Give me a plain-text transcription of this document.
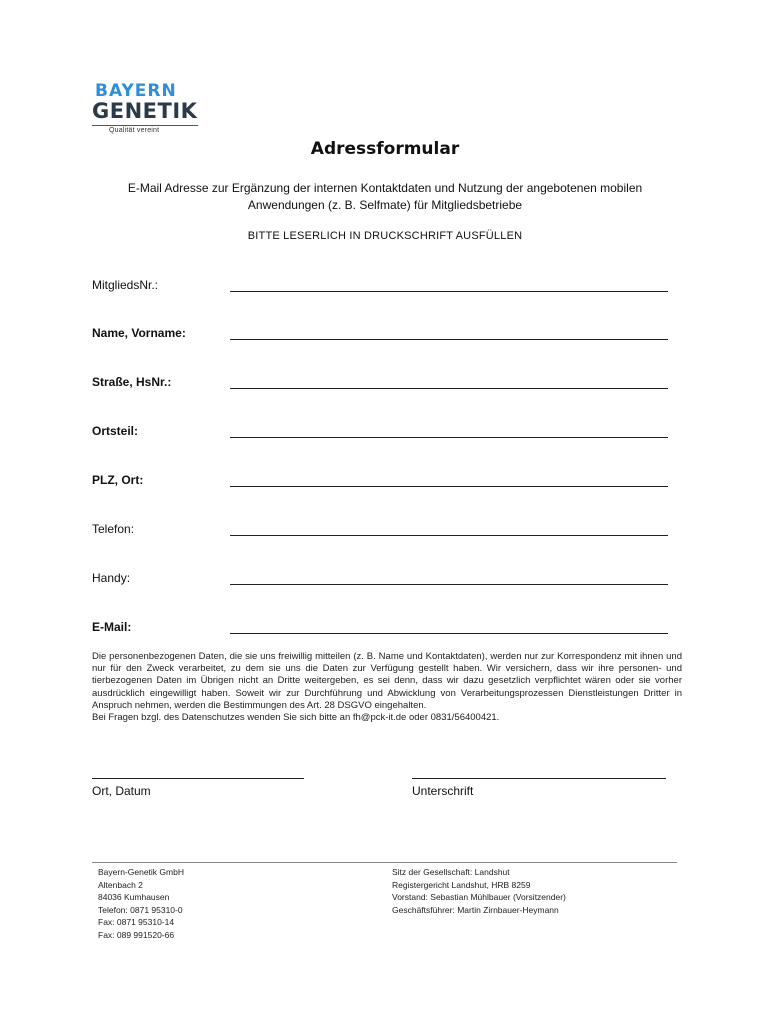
BAYERN
GENETIK
Qualität vereint
Adressformular
E-Mail Adresse zur Ergänzung der internen Kontaktdaten und Nutzung der angebotenen mobilen
Anwendungen (z. B. Selfmate) für Mitgliedsbetriebe
BITTE LESERLICH IN DRUCKSCHRIFT AUSFÜLLEN
MitgliedsNr.:
Name, Vorname:
Straße, HsNr.:
Ortsteil:
PLZ, Ort:
Telefon:
Handy:
E-Mail:
Die personenbezogenen Daten, die sie uns freiwillig mitteilen (z. B. Name und Kontaktdaten), werden nur zur Korrespondenz mit ihnen und nur für den Zweck verarbeitet, zu dem sie uns die Daten zur Verfügung gestellt haben. Wir versichern, dass wir ihre personen- und tierbezogenen Daten im Übrigen nicht an Dritte weitergeben, es sei denn, dass wir dazu gesetzlich verpflichtet wären oder sie vorher ausdrücklich eingewilligt haben. Soweit wir zur Durchführung und Abwicklung von Verarbeitungsprozessen Dienstleistungen Dritter in Anspruch nehmen, werden die Bestimmungen des Art. 28 DSGVO eingehalten.
Bei Fragen bzgl. des Datenschutzes wenden Sie sich bitte an fh@pck-it.de oder 0831/56400421.
Ort, Datum	Unterschrift
Bayern-Genetik GmbH
Altenbach 2
84036 Kumhausen
Telefon: 0871 95310-0
Fax: 0871 95310-14
Fax: 089 991520-66
Sitz der Gesellschaft: Landshut
Registergericht Landshut, HRB 8259
Vorstand: Sebastian Mühlbauer (Vorsitzender)
Geschäftsführer: Martin Zirnbauer-Heymann
